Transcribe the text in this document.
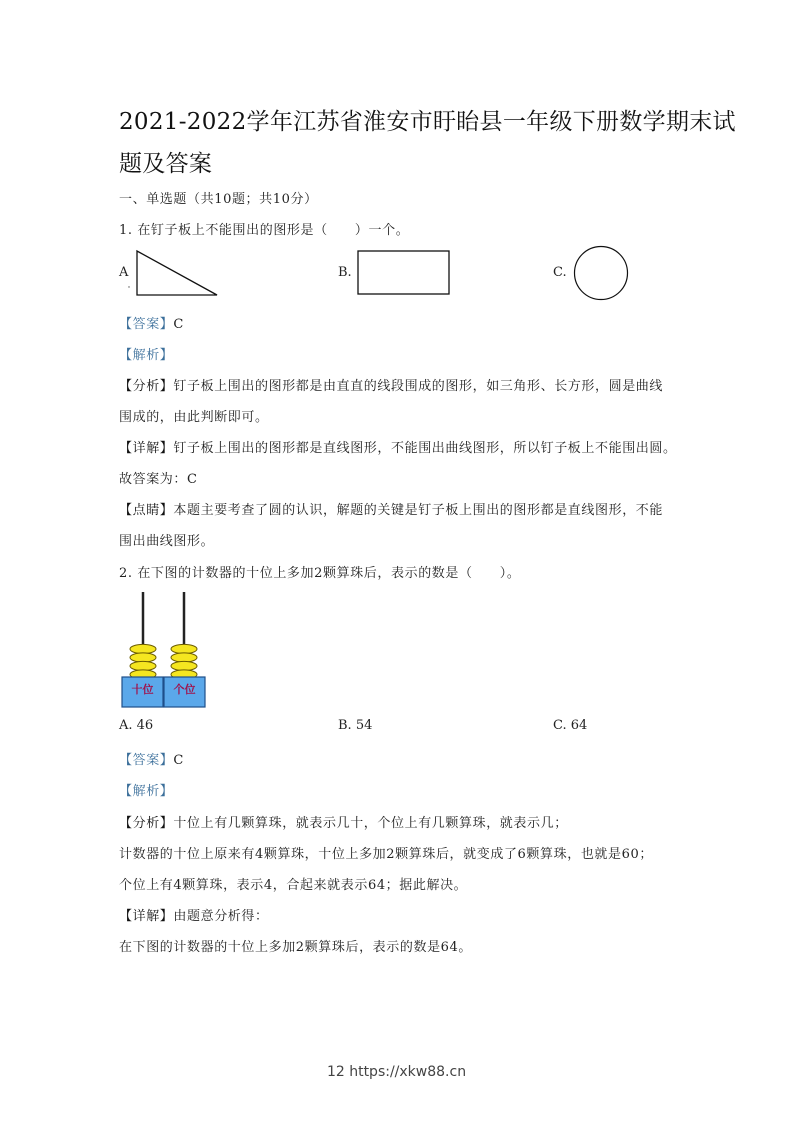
2021-2022学年江苏省淮安市盱眙县一年级下册数学期末试
题及答案
一、单选题（共10题；共10分）
1. 在钉子板上不能围出的图形是（　　）一个。
A	B.	C.
【答案】C
【解析】
【分析】钉子板上围出的图形都是由直直的线段围成的图形，如三角形、长方形，圆是曲线
围成的，由此判断即可。
【详解】钉子板上围出的图形都是直线图形，不能围出曲线图形，所以钉子板上不能围出圆。
故答案为：C
【点睛】本题主要考查了圆的认识，解题的关键是钉子板上围出的图形都是直线图形，不能
围出曲线图形。
2. 在下图的计数器的十位上多加2颗算珠后，表示的数是（　　）。
十位 个位
A. 46	B. 54	C. 64
【答案】C
【解析】
【分析】十位上有几颗算珠，就表示几十，个位上有几颗算珠，就表示几；
计数器的十位上原来有4颗算珠，十位上多加2颗算珠后，就变成了6颗算珠，也就是60；
个位上有4颗算珠，表示4，合起来就表示64；据此解决。
【详解】由题意分析得：
在下图的计数器的十位上多加2颗算珠后，表示的数是64。
12 https://xkw88.cn
